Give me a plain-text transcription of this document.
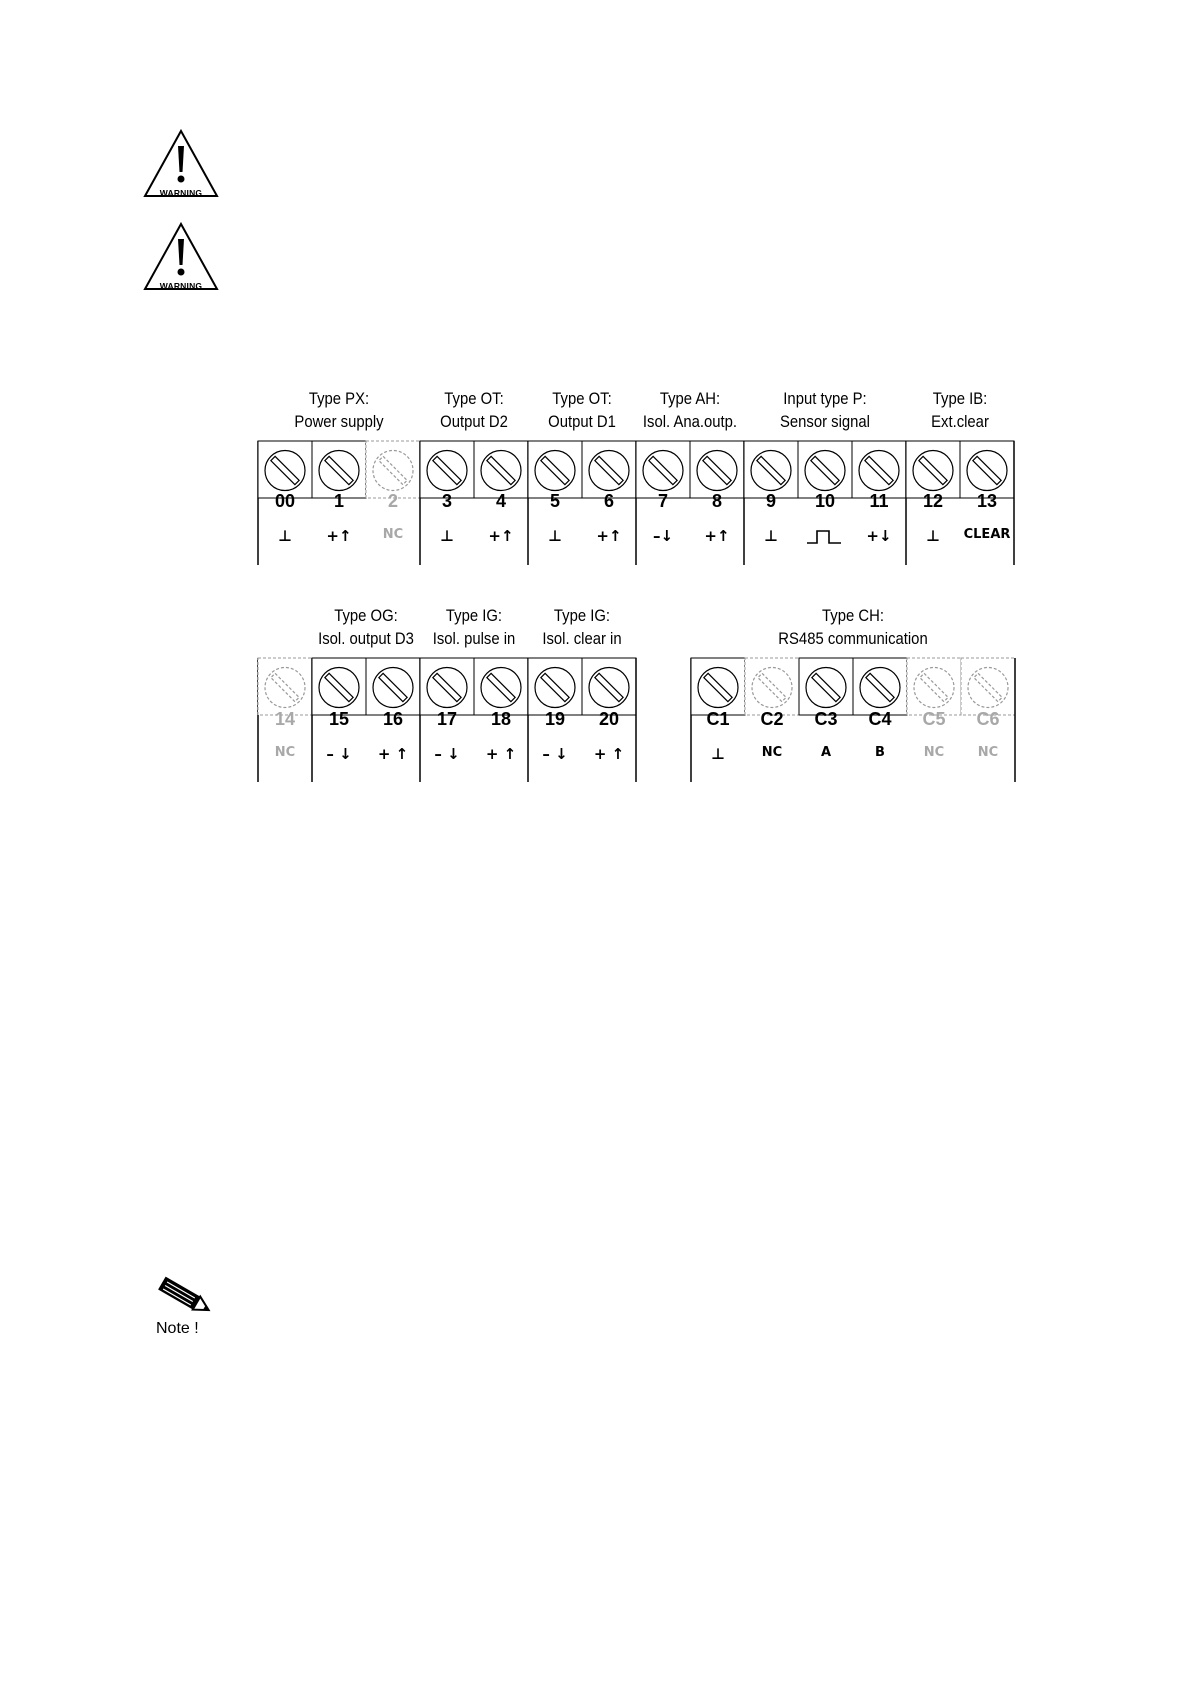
WARNING
WARNING
Type PX:
Power supply
00
⊥
1
+↑
2
NC
Type OT:
Output D2
3
⊥
4
+↑
Type OT:
Output D1
5
⊥
6
+↑
Type AH:
Isol. Ana.outp.
7
–↓
8
+↑
Input type P:
Sensor signal
9
⊥
10	11
+↓
Type IB:
Ext.clear
12
⊥
13
CLEAR
14
NC
Type OG:
Isol. output D3
15
– ↓
16
+ ↑
Type IG:
Isol. pulse in
17
– ↓
18
+ ↑
Type IG:
Isol. clear in
19
– ↓
20
+ ↑
Type CH:
RS485 communication
C1
⊥
C2
NC
C3
A
C4
B
C5
NC
C6
NC
Note !
